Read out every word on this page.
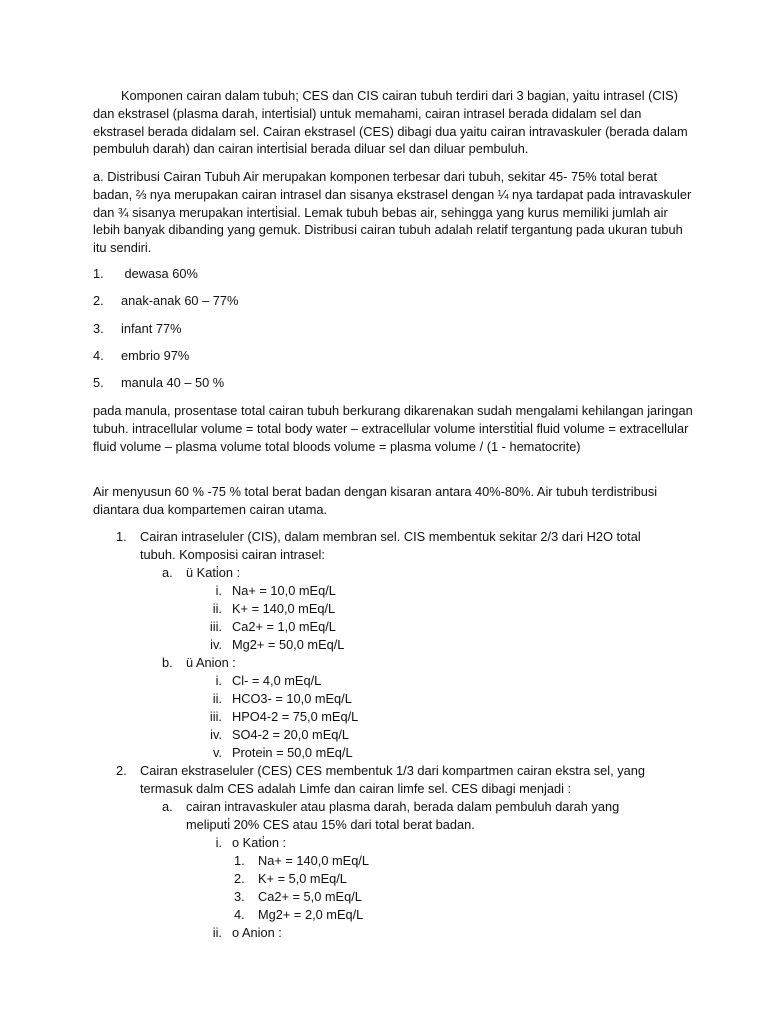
Komponen cairan dalam tubuh; CES dan CIS cairan tubuh terdiri dari 3 bagian, yaitu intrasel (CIS) dan ekstrasel (plasma darah, interti̇sial) untuk memahami, cairan intrasel berada didalam sel dan ekstrasel berada didalam sel. Cairan ekstrasel (CES) dibagi dua yaitu cairan intravaskuler (berada dalam pembuluh darah) dan cairan interti̇sial berada diluar sel dan diluar pembuluh.

a. Distribusi Cairan Tubuh Air merupakan komponen terbesar dari tubuh, sekitar 45- 75% total berat badan, ⅔ nya merupakan cairan intrasel dan sisanya ekstrasel dengan ¼ nya tardapat pada intravaskuler dan ¾ sisanya merupakan interti̇sial. Lemak tubuh bebas air, sehingga yang kurus memiliki jumlah air lebih banyak dibanding yang gemuk. Distribusi cairan tubuh adalah relatif tergantung pada ukuran tubuh itu sendiri.

1. dewasa 60%
2. anak-anak 60 – 77%
3. infant 77%
4. embrio 97%
5. manula 40 – 50 %

pada manula, prosentase total cairan tubuh berkurang dikarenakan sudah mengalami kehilangan jaringan tubuh. intracellular volume = total body water – extracellular volume intersti̇ti̇al fluid volume = extracellular fluid volume – plasma volume total bloods volume = plasma volume / (1 - hematocrite)

Air menyusun 60 % -75 % total berat badan dengan kisaran antara 40%-80%. Air tubuh terdistribusi diantara dua kompartemen cairan utama.

1. Cairan intraseluler (CIS), dalam membran sel. CIS membentuk sekitar 2/3 dari H2O total
tubuh. Komposisi cairan intrasel:
a. ü Kati̇on :
i. Na+ = 10,0 mEq/L
ii. K+ = 140,0 mEq/L
iii. Ca2+ = 1,0 mEq/L
iv. Mg2+ = 50,0 mEq/L
b. ü Anion :
i. Cl- = 4,0 mEq/L
ii. HCO3- = 10,0 mEq/L
iii. HPO4-2 = 75,0 mEq/L
iv. SO4-2 = 20,0 mEq/L
v. Protein = 50,0 mEq/L
2. Cairan ekstraseluler (CES) CES membentuk 1/3 dari kompartmen cairan ekstra sel, yang
termasuk dalm CES adalah Limfe dan cairan limfe sel. CES dibagi menjadi :
a. cairan intravaskuler atau plasma darah, berada dalam pembuluh darah yang
meliputi̇ 20% CES atau 15% dari total berat badan.
i. o Kati̇on :
1. Na+ = 140,0 mEq/L
2. K+ = 5,0 mEq/L
3. Ca2+ = 5,0 mEq/L
4. Mg2+ = 2,0 mEq/L
ii. o Anion :
